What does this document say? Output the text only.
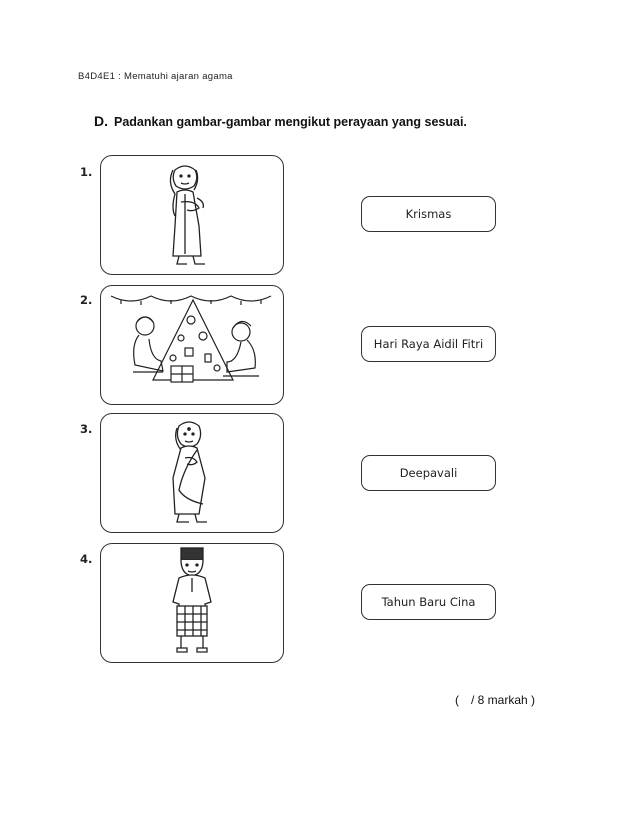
B4D4E1 : Mematuhi ajaran agama
D. Padankan gambar-gambar mengikut perayaan yang sesuai.
1.
Krismas
2.
Hari Raya Aidil Fitri
3.
Deepavali
4.
Tahun Baru Cina
( / 8 markah )
